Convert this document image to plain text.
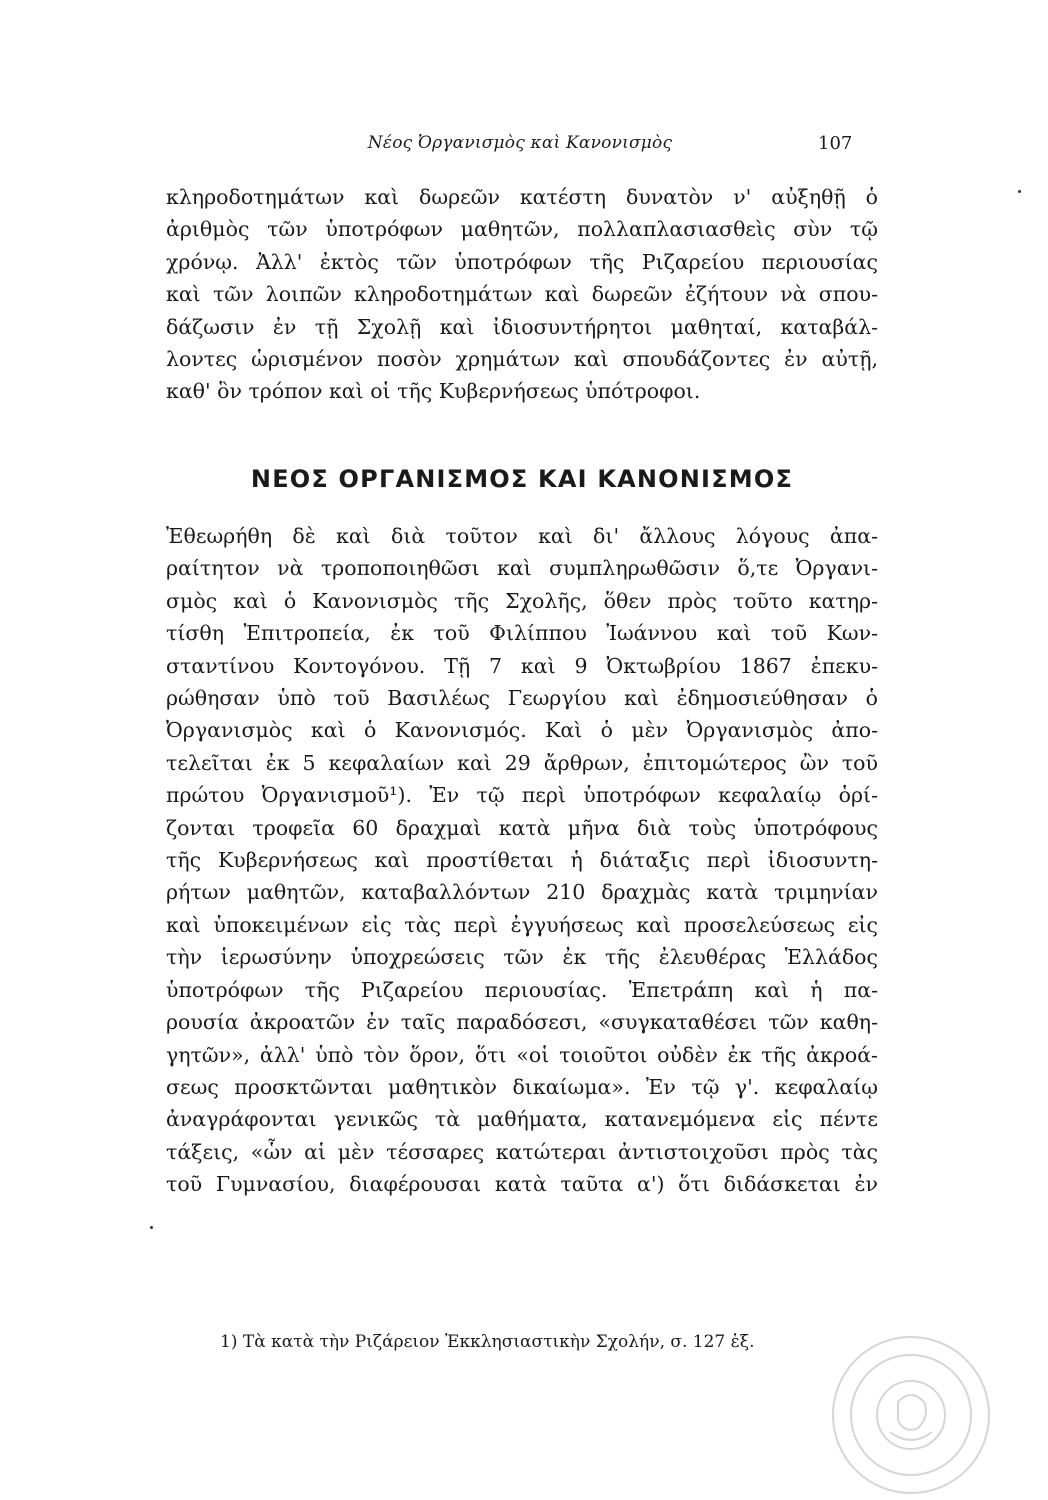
Νέος Ὀργανισμὸς καὶ Κανονισμὸς	107
κληροδοτημάτων καὶ δωρεῶν κατέστη δυνατὸν ν' αὐξηθῇ ὁ
ἀριθμὸς τῶν ὑποτρόφων μαθητῶν, πολλαπλασιασθεὶς σὺν τῷ
χρόνῳ. Ἀλλ' ἐκτὸς τῶν ὑποτρόφων τῆς Ριζαρείου περιουσίας
καὶ τῶν λοιπῶν κληροδοτημάτων καὶ δωρεῶν ἐζήτουν νὰ σπου-
δάζωσιν ἐν τῇ Σχολῇ καὶ ἰδιοσυντήρητοι μαθηταί, καταβάλ-
λοντες ὡρισμένον ποσὸν χρημάτων καὶ σπουδάζοντες ἐν αὐτῇ,
καθ' ὃν τρόπον καὶ οἱ τῆς Κυβερνήσεως ὑπότροφοι.
ΝΕΟΣ ΟΡΓΑΝΙΣΜΟΣ ΚΑΙ ΚΑΝΟΝΙΣΜΟΣ
Ἐθεωρήθη δὲ καὶ διὰ τοῦτον καὶ δι' ἄλλους λόγους ἀπα-
ραίτητον νὰ τροποποιηθῶσι καὶ συμπληρωθῶσιν ὅ,τε Ὀργανι-
σμὸς καὶ ὁ Κανονισμὸς τῆς Σχολῆς, ὅθεν πρὸς τοῦτο κατηρ-
τίσθη Ἐπιτροπεία, ἐκ τοῦ Φιλίππου Ἰωάννου καὶ τοῦ Κων-
σταντίνου Κοντογόνου. Τῇ 7 καὶ 9 Ὀκτωβρίου 1867 ἐπεκυ-
ρώθησαν ὑπὸ τοῦ Βασιλέως Γεωργίου καὶ ἐδημοσιεύθησαν ὁ
Ὀργανισμὸς καὶ ὁ Κανονισμός. Καὶ ὁ μὲν Ὀργανισμὸς ἀπο-
τελεῖται ἐκ 5 κεφαλαίων καὶ 29 ἄρθρων, ἐπιτομώτερος ὢν τοῦ
πρώτου Ὀργανισμοῦ¹). Ἐν τῷ περὶ ὑποτρόφων κεφαλαίῳ ὁρί-
ζονται τροφεῖα 60 δραχμαὶ κατὰ μῆνα διὰ τοὺς ὑποτρόφους
τῆς Κυβερνήσεως καὶ προστίθεται ἡ διάταξις περὶ ἰδιοσυντη-
ρήτων μαθητῶν, καταβαλλόντων 210 δραχμὰς κατὰ τριμηνίαν
καὶ ὑποκειμένων εἰς τὰς περὶ ἐγγυήσεως καὶ προσελεύσεως εἰς
τὴν ἱερωσύνην ὑποχρεώσεις τῶν ἐκ τῆς ἐλευθέρας Ἑλλάδος
ὑποτρόφων τῆς Ριζαρείου περιουσίας. Ἐπετράπη καὶ ἡ πα-
ρουσία ἀκροατῶν ἐν ταῖς παραδόσεσι, «συγκαταθέσει τῶν καθη-
γητῶν», ἀλλ' ὑπὸ τὸν ὅρον, ὅτι «οἱ τοιοῦτοι οὐδὲν ἐκ τῆς ἀκροά-
σεως προσκτῶνται μαθητικὸν δικαίωμα». Ἐν τῷ γ'. κεφαλαίῳ
ἀναγράφονται γενικῶς τὰ μαθήματα, κατανεμόμενα εἰς πέντε
τάξεις, «ὧν αἱ μὲν τέσσαρες κατώτεραι ἀντιστοιχοῦσι πρὸς τὰς
τοῦ Γυμνασίου, διαφέρουσαι κατὰ ταῦτα α') ὅτι διδάσκεται ἐν
1) Τὰ κατὰ τὴν Ριζάρειον Ἐκκλησιαστικὴν Σχολήν, σ. 127 ἑξ.
